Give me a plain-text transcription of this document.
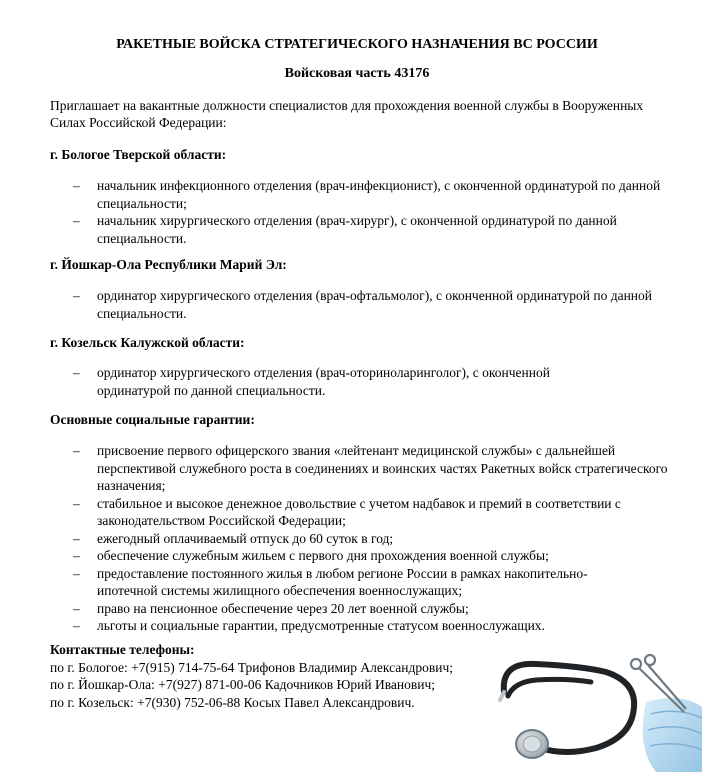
РАКЕТНЫЕ ВОЙСКА СТРАТЕГИЧЕСКОГО НАЗНАЧЕНИЯ ВС РОССИИ
Войсковая часть 43176
Приглашает на вакантные должности специалистов для прохождения военной службы в Вооруженных Силах Российской Федерации:
г. Бологое Тверской области:
– начальник инфекционного отделения (врач-инфекционист), с оконченной ординатурой по данной специальности;
– начальник хирургического отделения (врач-хирург), с оконченной ординатурой по данной специальности.
г. Йошкар-Ола Республики Марий Эл:
– ординатор хирургического отделения (врач-офтальмолог), с оконченной ординатурой по данной специальности.
г. Козельск Калужской области:
– ординатор хирургического отделения (врач-оториноларинголог), с оконченной ординатурой по данной специальности.
Основные социальные гарантии:
– присвоение первого офицерского звания «лейтенант медицинской службы» с дальнейшей перспективой служебного роста в соединениях и воинских частях Ракетных войск стратегического назначения;
– стабильное и высокое денежное довольствие с учетом надбавок и премий в соответствии с законодательством Российской Федерации;
– ежегодный оплачиваемый отпуск до 60 суток в год;
– обеспечение служебным жильем с первого дня прохождения военной службы;
– предоставление постоянного жилья в любом регионе России в рамках накопительно-ипотечной системы жилищного обеспечения военнослужащих;
– право на пенсионное обеспечение через 20 лет военной службы;
– льготы и социальные гарантии, предусмотренные статусом военнослужащих.
Контактные телефоны:
по г. Бологое: +7(915) 714-75-64 Трифонов Владимир Александрович;
по г. Йошкар-Ола: +7(927) 871-00-06 Кадочников Юрий Иванович;
по г. Козельск: +7(930) 752-06-88 Косых Павел Александрович.
